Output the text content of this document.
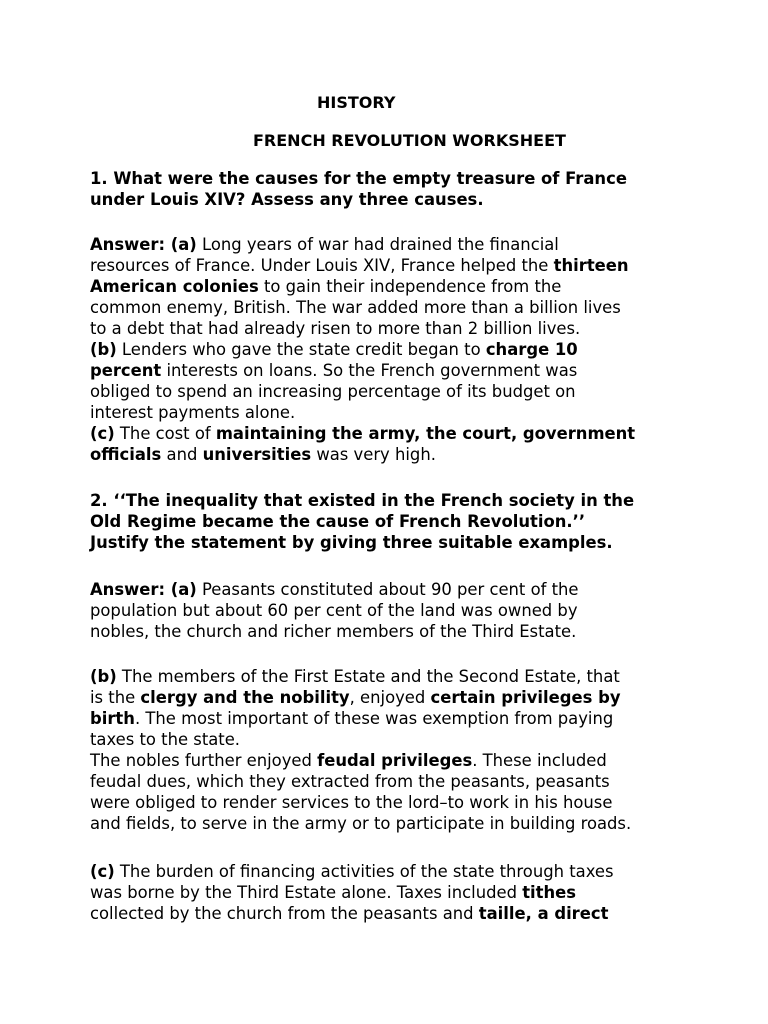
HISTORY
FRENCH REVOLUTION WORKSHEET
1. What were the causes for the empty treasure of France
under Louis XIV? Assess any three causes.
Answer: (a) Long years of war had drained the financial
resources of France. Under Louis XIV, France helped the thirteen
American colonies to gain their independence from the
common enemy, British. The war added more than a billion lives
to a debt that had already risen to more than 2 billion lives.
(b) Lenders who gave the state credit began to charge 10
percent interests on loans. So the French government was
obliged to spend an increasing percentage of its budget on
interest payments alone.
(c) The cost of maintaining the army, the court, government
officials and universities was very high.
2. ‘‘The inequality that existed in the French society in the
Old Regime became the cause of French Revolution.’’
Justify the statement by giving three suitable examples.
Answer: (a) Peasants constituted about 90 per cent of the
population but about 60 per cent of the land was owned by
nobles, the church and richer members of the Third Estate.
(b) The members of the First Estate and the Second Estate, that
is the clergy and the nobility, enjoyed certain privileges by
birth. The most important of these was exemption from paying
taxes to the state.
The nobles further enjoyed feudal privileges. These included
feudal dues, which they extracted from the peasants, peasants
were obliged to render services to the lord–to work in his house
and fields, to serve in the army or to participate in building roads.
(c) The burden of financing activities of the state through taxes
was borne by the Third Estate alone. Taxes included tithes
collected by the church from the peasants and taille, a direct
